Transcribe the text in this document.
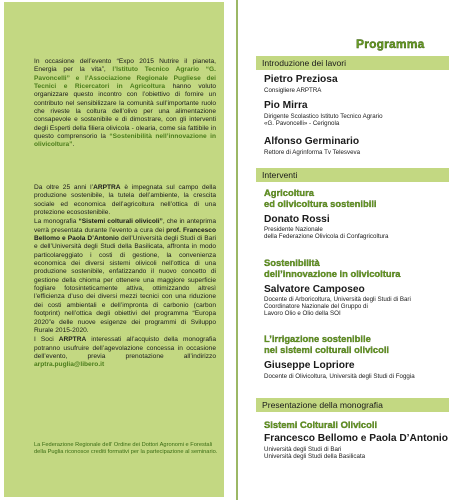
In occasione dell’evento “Expo 2015 Nutrire il pianeta, Energia per la vita”, l’Istituto Tecnico Agrario “G. Pavoncelli” e l’Associazione Regionale Pugliese dei Tecnici e Ricercatori in Agricoltura hanno voluto organizzare questo incontro con l’obiettivo di fornire un contributo nel sensibilizzare la comunità sull’importante ruolo che riveste la coltura dell’olivo per una alimentazione consapevole e sostenibile e di dimostrare, con gli interventi degli Esperti della filiera olivicola - olearia, come sia fattibile in questo comprensorio la “Sostenibilità nell’innovazione in olivicoltura”.
Da oltre 25 anni l’ARPTRA è impegnata sul campo della produzione sostenibile, la tutela dell’ambiente, la crescita sociale ed economica dell’agricoltura nell’ottica di una protezione ecosostenibile.
La monografia “Sistemi colturali olivicoli”, che in anteprima verrà presentata durante l’evento a cura dei prof. Francesco Bellomo e Paola D’Antonio dell’Università degli Studi di Bari e dell’Università degli Studi della Basilicata, affronta in modo particolareggiato i costi di gestione, la convenienza economica dei diversi sistemi olivicoli nell’ottica di una produzione sostenibile, enfatizzando il nuovo concetto di gestione della chioma per ottenere una maggiore superficie fogliare fotosinteticamente attiva, ottimizzando altresì l’efficienza d’uso dei diversi mezzi tecnici con una riduzione dei costi ambientali e dell’impronta di carbonio (carbon footprint) nell’ottica degli obiettivi del programma “Europa 2020”e delle nuove esigenze dei programmi di Sviluppo Rurale 2015-2020.
I Soci ARPTRA interessati all’acquisto della monografia potranno usufruire dell’agevolazione concessa in occasione dell’evento, previa prenotazione all’indirizzo arptra.puglia@libero.it
La Federazione Regionale dell’ Ordine dei Dottori Agronomi e Forestali della Puglia riconosce crediti formativi per la partecipazione al seminario.
Programma
Introduzione dei lavori
Pietro Preziosa
Consigliere ARPTRA
Pio Mirra
Dirigente Scolastico Istituto Tecnico Agrario
«G. Pavoncelli» - Cerignola
Alfonso Germinario
Rettore di Agrinforma Tv Telesveva
Interventi
Agricoltura
ed olivicoltura sostenibili
Donato Rossi
Presidente Nazionale
della Federazione Olivicola di Confagricoltura
Sostenibilità
dell’innovazione in olivicoltura
Salvatore Camposeo
Docente di Arboricoltura, Università degli Studi di Bari
Coordinatore Nazionale del Gruppo di
Lavoro Olio e Olio della SOI
L’irrigazione sostenibile
nei sistemi colturali olivicoli
Giuseppe Lopriore
Docente di Olivicoltura, Università degli Studi di Foggia
Presentazione della monografia
Sistemi Colturali Olivicoli
Francesco Bellomo e Paola D’Antonio
Università degli Studi di Bari
Università degli Studi della Basilicata
